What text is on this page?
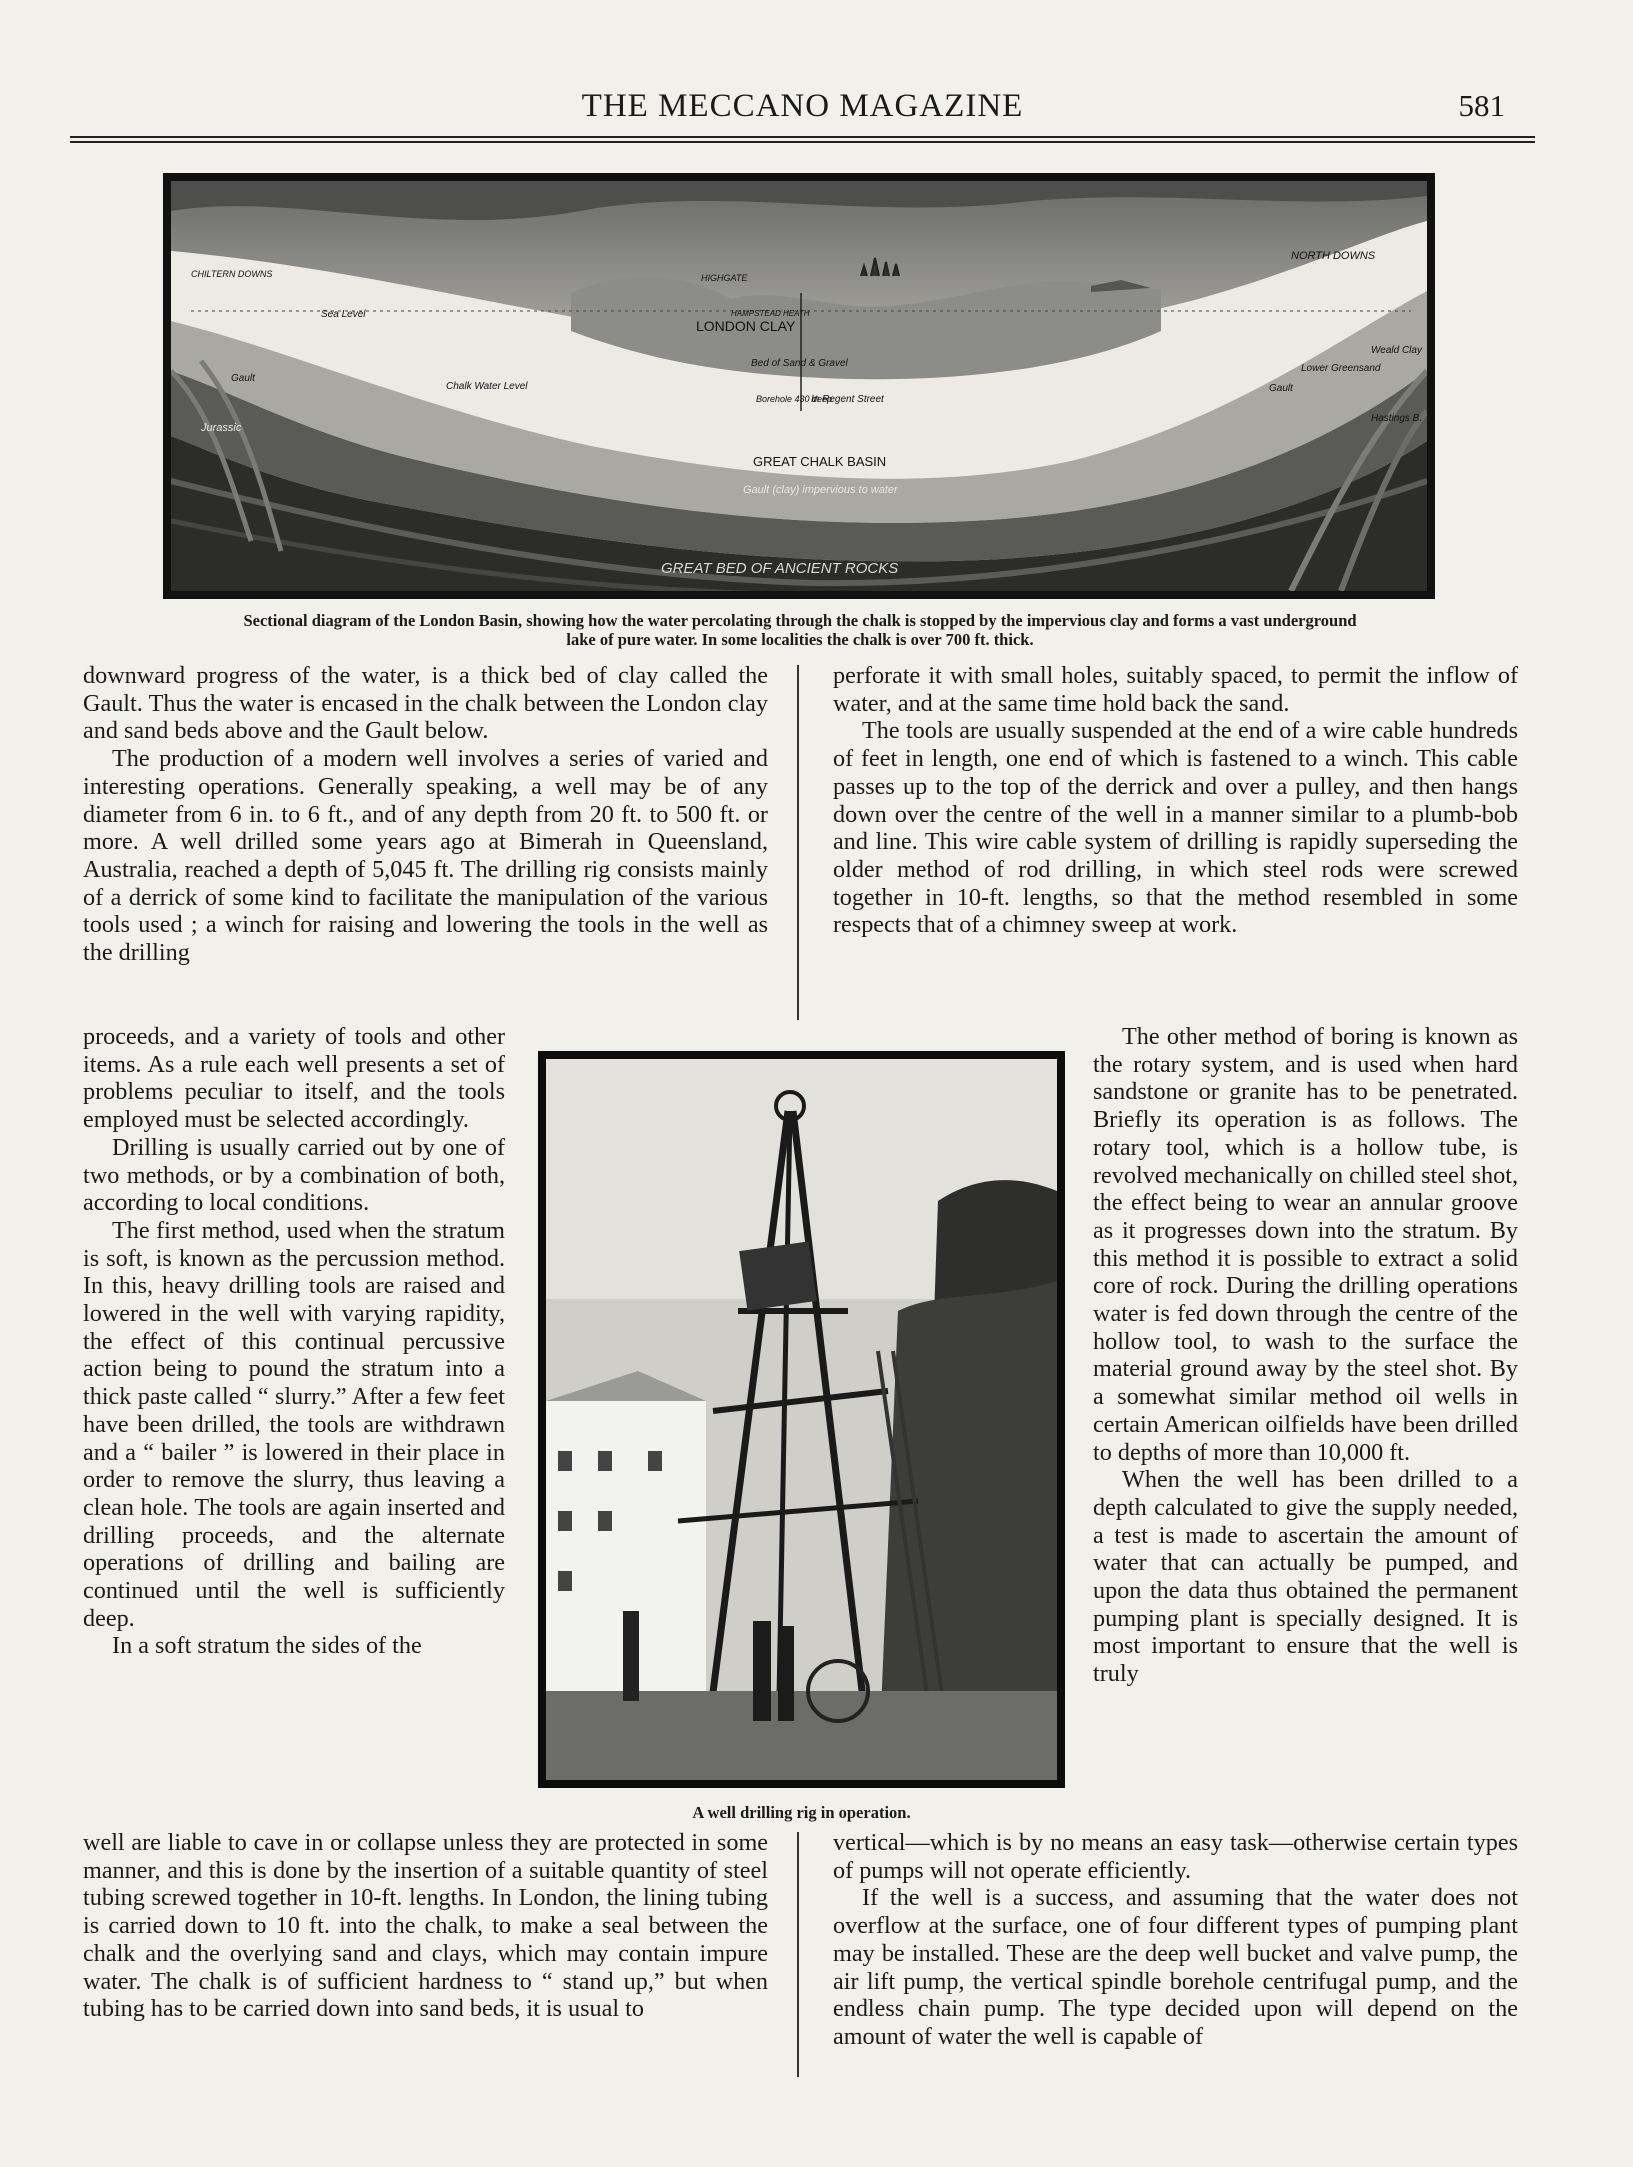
THE MECCANO MAGAZINE	581
CHILTERN DOWNS
NORTH DOWNS
HIGHGATE
HAMPSTEAD HEATH
LONDON CLAY
Sea Level
Chalk Water Level
Bed of Sand & Gravel
Borehole 430 deep
In Regent Street
GREAT CHALK BASIN
Gault (clay) impervious to water
GREAT BED OF ANCIENT ROCKS
Gault
Jurassic
Gault
Lower Greensand
Weald Clay
Hastings B.
Sectional diagram of the London Basin, showing how the water percolating through the chalk is stopped by the impervious clay and forms a vast underground
lake of pure water. In some localities the chalk is over 700 ft. thick.

downward progress of the water, is a thick bed of clay called the Gault. Thus the water is encased in the chalk between the London clay and sand beds above and the Gault below.

The production of a modern well involves a series of varied and interesting operations. Generally speaking, a well may be of any diameter from 6 in. to 6 ft., and of any depth from 20 ft. to 500 ft. or more. A well drilled some years ago at Bimerah in Queensland, Australia, reached a depth of 5,045 ft. The drilling rig consists mainly of a derrick of some kind to facilitate the manipulation of the various tools used ; a winch for raising and lowering the tools in the well as the drilling

proceeds, and a variety of tools and other items. As a rule each well presents a set of problems peculiar to itself, and the tools employed must be selected accordingly.

Drilling is usually carried out by one of two methods, or by a combination of both, according to local conditions.

The first method, used when the stratum is soft, is known as the percussion method. In this, heavy drilling tools are raised and lowered in the well with varying rapidity, the effect of this continual percussive action being to pound the stratum into a thick paste called “ slurry.” After a few feet have been drilled, the tools are withdrawn and a “ bailer ” is lowered in their place in order to remove the slurry, thus leaving a clean hole. The tools are again inserted and drilling proceeds, and the alternate operations of drilling and bailing are continued until the well is sufficiently deep.

In a soft stratum the sides of the

well are liable to cave in or collapse unless they are protected in some manner, and this is done by the insertion of a suitable quantity of steel tubing screwed together in 10-ft. lengths. In London, the lining tubing is carried down to 10 ft. into the chalk, to make a seal between the chalk and the overlying sand and clays, which may contain impure water. The chalk is of sufficient hardness to “ stand up,” but when tubing has to be carried down into sand beds, it is usual to

perforate it with small holes, suitably spaced, to permit the inflow of water, and at the same time hold back the sand.

The tools are usually suspended at the end of a wire cable hundreds of feet in length, one end of which is fastened to a winch. This cable passes up to the top of the derrick and over a pulley, and then hangs down over the centre of the well in a manner similar to a plumb-bob and line. This wire cable system of drilling is rapidly superseding the older method of rod drilling, in which steel rods were screwed together in 10-ft. lengths, so that the method resembled in some respects that of a chimney sweep at work.

The other method of boring is known as the rotary system, and is used when hard sandstone or granite has to be penetrated. Briefly its operation is as follows. The rotary tool, which is a hollow tube, is revolved mechanically on chilled steel shot, the effect being to wear an annular groove as it progresses down into the stratum. By this method it is possible to extract a solid core of rock. During the drilling operations water is fed down through the centre of the hollow tool, to wash to the surface the material ground away by the steel shot. By a somewhat similar method oil wells in certain American oilfields have been drilled to depths of more than 10,000 ft.

When the well has been drilled to a depth calculated to give the supply needed, a test is made to ascertain the amount of water that can actually be pumped, and upon the data thus obtained the permanent pumping plant is specially designed. It is most important to ensure that the well is truly

vertical—which is by no means an easy task—otherwise certain types of pumps will not operate efficiently.

If the well is a success, and assuming that the water does not overflow at the surface, one of four different types of pumping plant may be installed. These are the deep well bucket and valve pump, the air lift pump, the vertical spindle borehole centrifugal pump, and the endless chain pump. The type decided upon will depend on the amount of water the well is capable of

A well drilling rig in operation.
